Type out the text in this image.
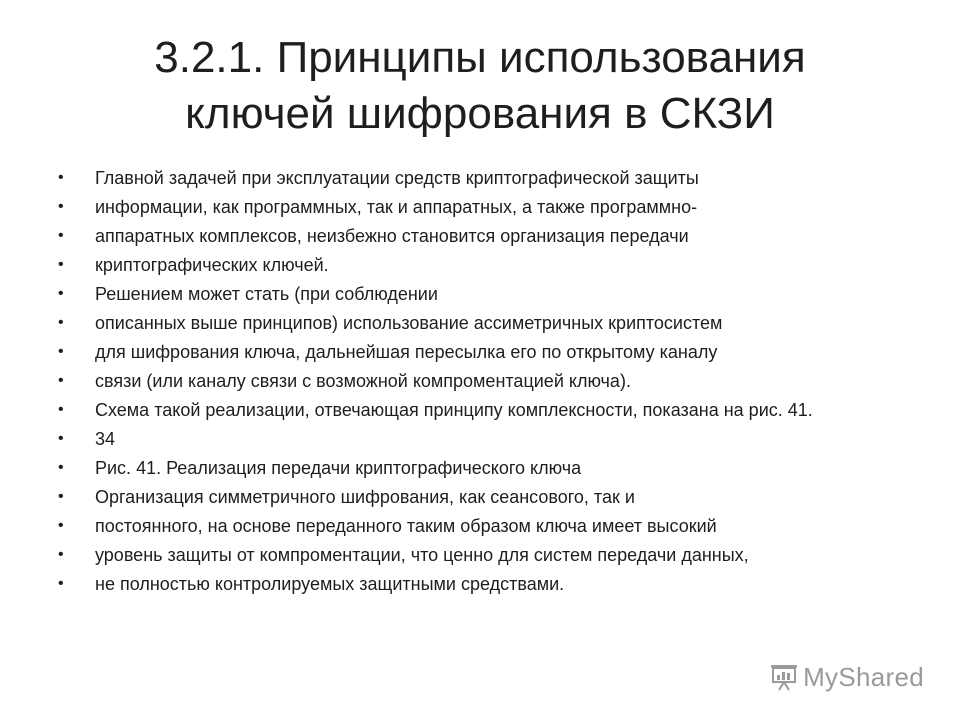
3.2.1. Принципы использования
ключей шифрования в СКЗИ
•	Главной задачей при эксплуатации средств криптографической защиты
•	информации, как программных, так и аппаратных, а также программно-
•	аппаратных комплексов, неизбежно становится организация передачи
•	криптографических ключей.
•	Решением может стать (при соблюдении
•	описанных выше принципов) использование ассиметричных криптосистем
•	для шифрования ключа, дальнейшая пересылка его по открытому каналу
•	связи (или каналу связи с возможной компроментацией ключа).
•	Схема такой реализации, отвечающая принципу комплексности, показана на рис. 41.
•	34
•	Рис. 41. Реализация передачи криптографического ключа
•	Организация симметричного шифрования, как сеансового, так и
•	постоянного, на основе переданного таким образом ключа имеет высокий
•	уровень защиты от компроментации, что ценно для систем передачи данных,
•	не полностью контролируемых защитными средствами.
MyShared
